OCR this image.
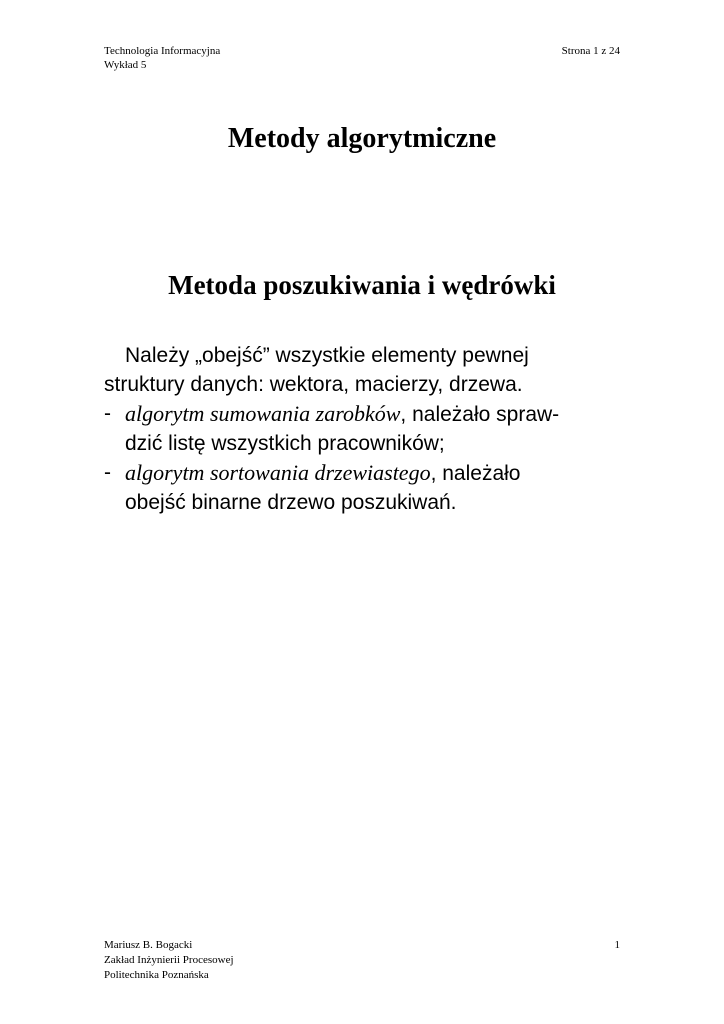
Technologia Informacyjna
Wykład 5
Strona 1 z 24
Metody algorytmiczne
Metoda poszukiwania i wędrówki

Należy „obejść” wszystkie elementy pewnej
struktury danych: wektora, macierzy, drzewa.

- algorytm sumowania zarobków, należało spraw-
dzić listę wszystkich pracowników;
- algorytm sortowania drzewiastego, należało
obejść binarne drzewo poszukiwań.
Mariusz B. Bogacki
Zakład Inżynierii Procesowej
Politechnika Poznańska
1
